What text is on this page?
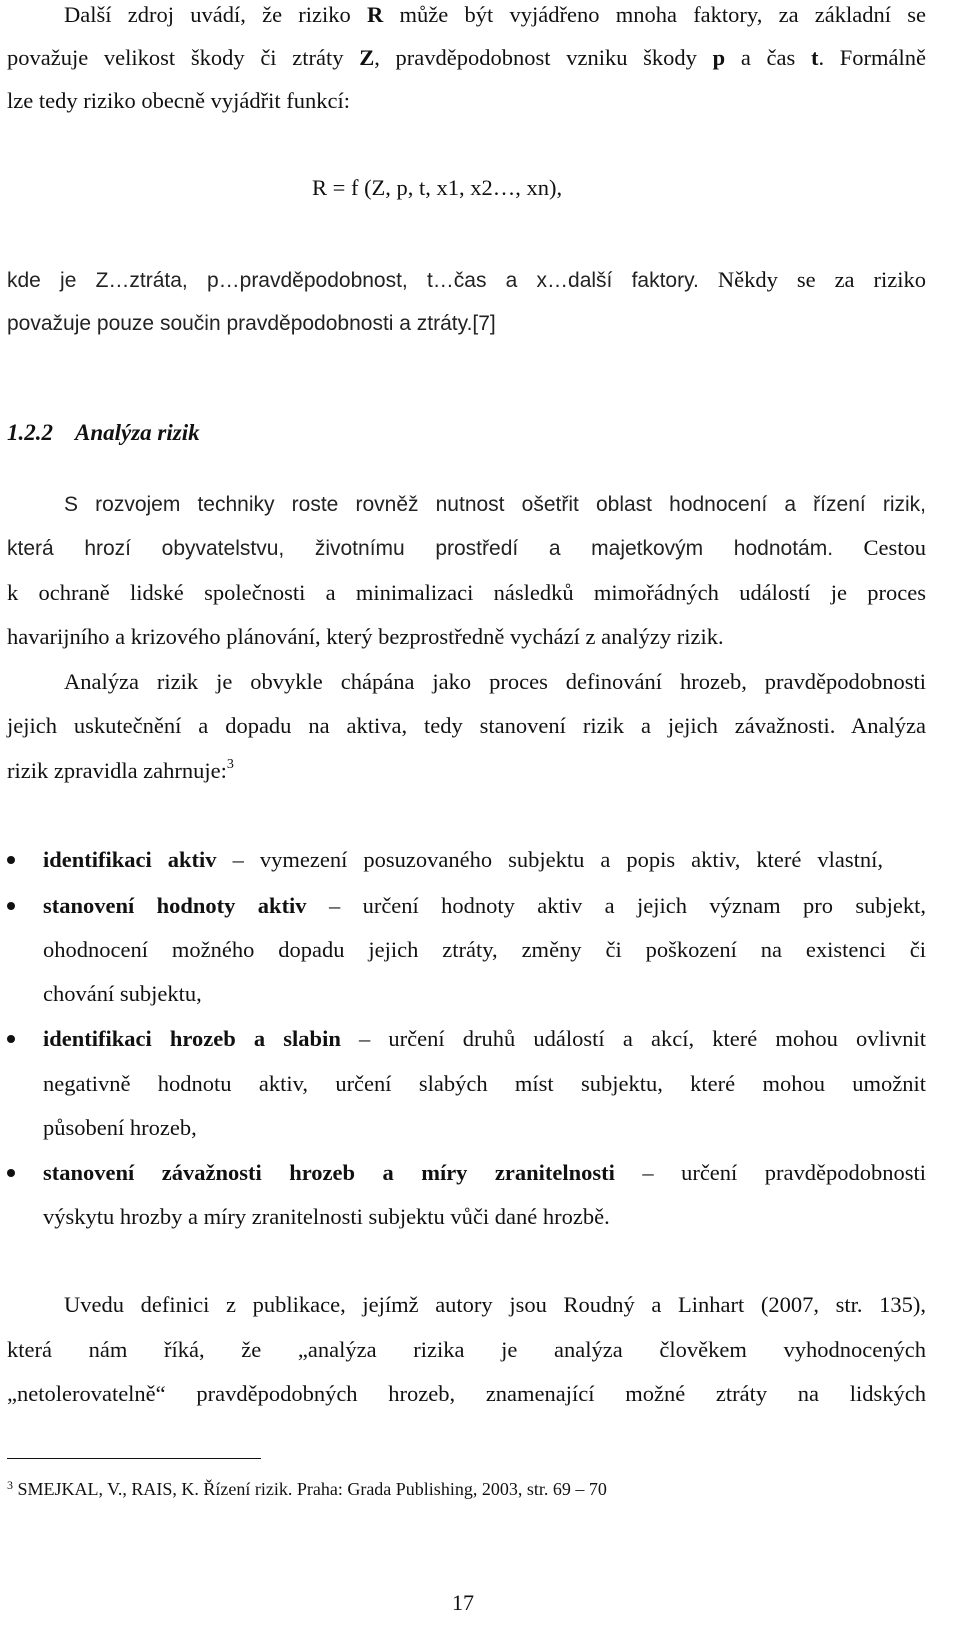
Další zdroj uvádí, že riziko R může být vyjádřeno mnoha faktory, za základní se
považuje velikost škody či ztráty Z, pravděpodobnost vzniku škody p a čas t. Formálně
lze tedy riziko obecně vyjádřit funkcí:
R = f (Z, p, t, x1, x2…, xn),
kde je Z…ztráta, p…pravděpodobnost, t…čas a x…další faktory. Někdy se za riziko
považuje pouze součin pravděpodobnosti a ztráty.[7]
1.2.2 Analýza rizik
S rozvojem techniky roste rovněž nutnost ošetřit oblast hodnocení a řízení rizik,
která hrozí obyvatelstvu, životnímu prostředí a majetkovým hodnotám. Cestou
k ochraně lidské společnosti a minimalizaci následků mimořádných událostí je proces
havarijního a krizového plánování, který bezprostředně vychází z analýzy rizik.
Analýza rizik je obvykle chápána jako proces definování hrozeb, pravděpodobnosti
jejich uskutečnění a dopadu na aktiva, tedy stanovení rizik a jejich závažnosti. Analýza
rizik zpravidla zahrnuje:$^3$
identifikaci aktiv – vymezení posuzovaného subjektu a popis aktiv, které vlastní,
stanovení hodnoty aktiv – určení hodnoty aktiv a jejich význam pro subjekt,
ohodnocení možného dopadu jejich ztráty, změny či poškození na existenci či
chování subjektu,
identifikaci hrozeb a slabin – určení druhů událostí a akcí, které mohou ovlivnit
negativně hodnotu aktiv, určení slabých míst subjektu, které mohou umožnit
působení hrozeb,
stanovení závažnosti hrozeb a míry zranitelnosti – určení pravděpodobnosti
výskytu hrozby a míry zranitelnosti subjektu vůči dané hrozbě.
Uvedu definici z publikace, jejímž autory jsou Roudný a Linhart (2007, str. 135),
která nám říká, že „analýza rizika je analýza člověkem vyhodnocených
„netolerovatelně“ pravděpodobných hrozeb, znamenající možné ztráty na lidských
$^3$ SMEJKAL, V., RAIS, K. Řízení rizik. Praha: Grada Publishing, 2003, str. 69 – 70
17
